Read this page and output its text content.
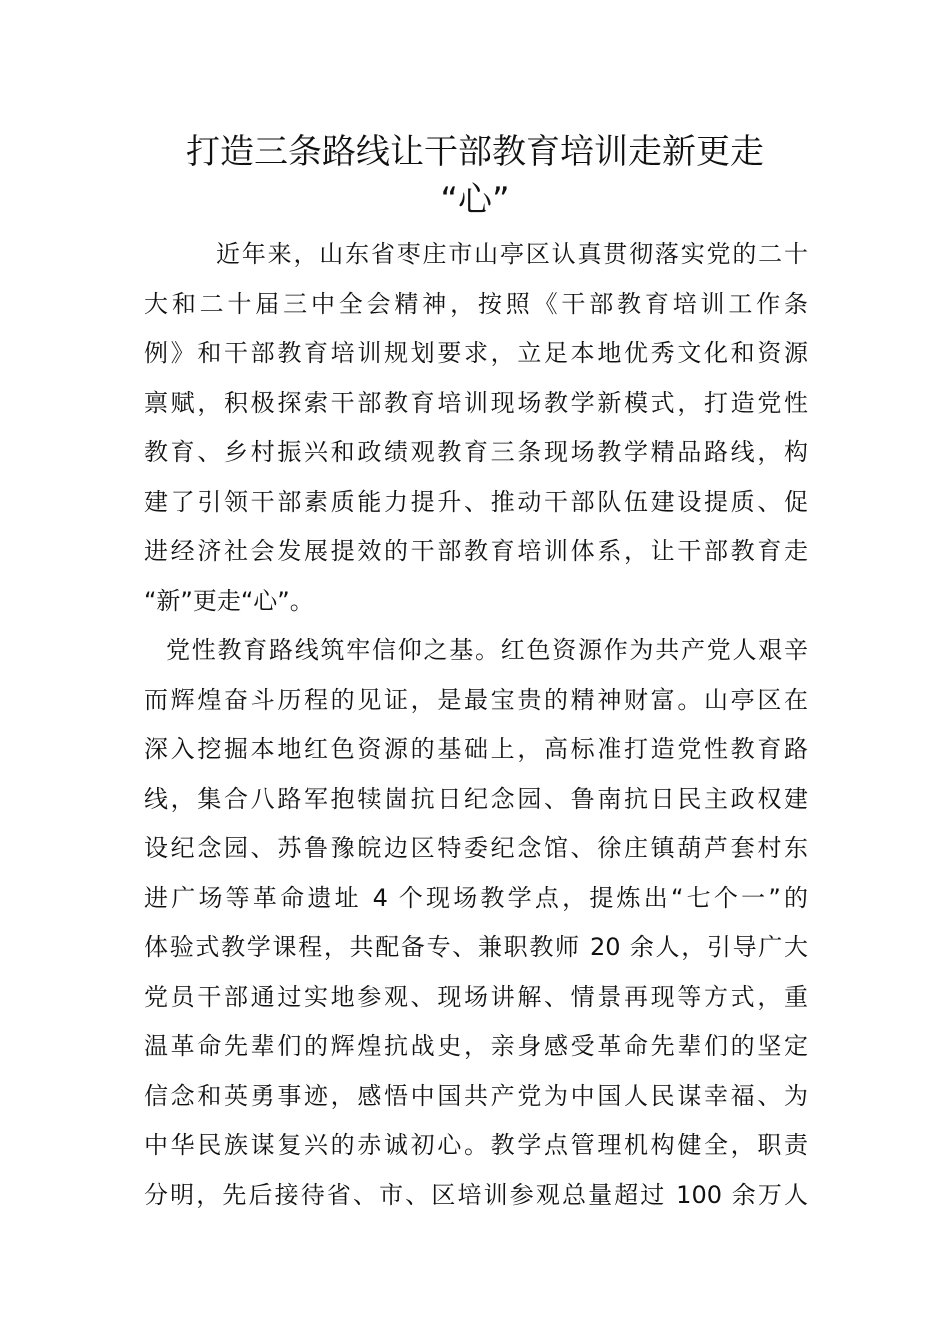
打造三条路线让干部教育培训走新更走
“心”
近年来，山东省枣庄市山亭区认真贯彻落实党的二十
大和二十届三中全会精神，按照《干部教育培训工作条
例》和干部教育培训规划要求，立足本地优秀文化和资源
禀赋，积极探索干部教育培训现场教学新模式，打造党性
教育、乡村振兴和政绩观教育三条现场教学精品路线，构
建了引领干部素质能力提升、推动干部队伍建设提质、促
进经济社会发展提效的干部教育培训体系，让干部教育走
“新”更走“心”。
党性教育路线筑牢信仰之基。红色资源作为共产党人艰辛
而辉煌奋斗历程的见证，是最宝贵的精神财富。山亭区在
深入挖掘本地红色资源的基础上，高标准打造党性教育路
线，集合八路军抱犊崮抗日纪念园、鲁南抗日民主政权建
设纪念园、苏鲁豫皖边区特委纪念馆、徐庄镇葫芦套村东
进广场等革命遗址 4 个现场教学点，提炼出“七个一”的
体验式教学课程，共配备专、兼职教师 20 余人，引导广大
党员干部通过实地参观、现场讲解、情景再现等方式，重
温革命先辈们的辉煌抗战史，亲身感受革命先辈们的坚定
信念和英勇事迹，感悟中国共产党为中国人民谋幸福、为
中华民族谋复兴的赤诚初心。教学点管理机构健全，职责
分明，先后接待省、市、区培训参观总量超过 100 余万人
